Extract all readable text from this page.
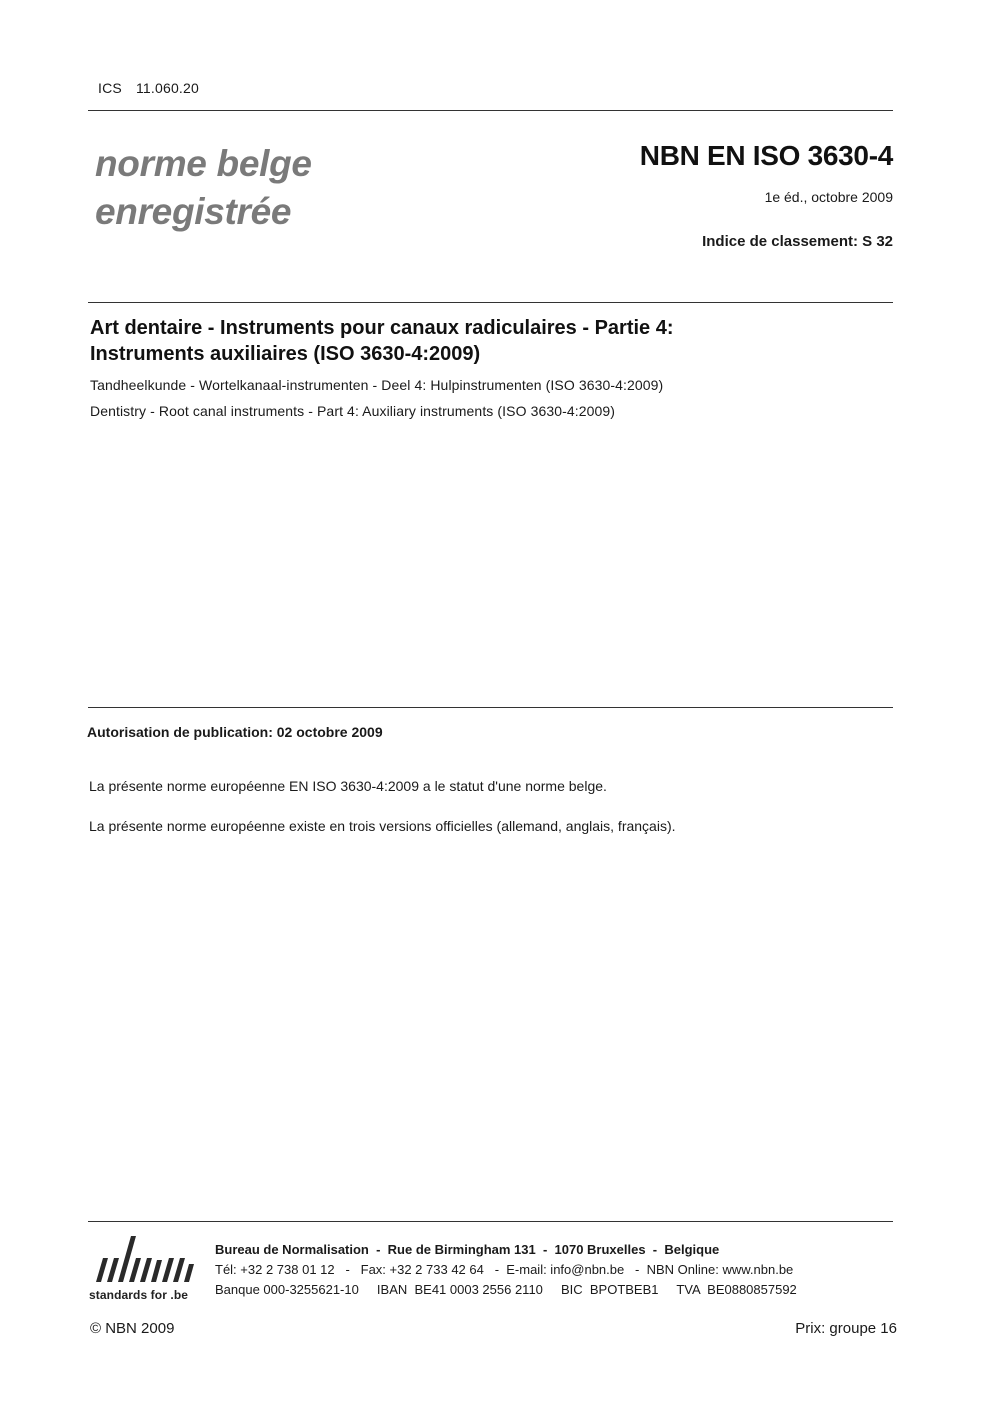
ICS 11.060.20
norme belge
enregistrée
NBN EN ISO 3630-4
1e éd., octobre 2009
Indice de classement: S 32
Art dentaire - Instruments pour canaux radiculaires - Partie 4:
Instruments auxiliaires (ISO 3630-4:2009)
Tandheelkunde - Wortelkanaal-instrumenten - Deel 4: Hulpinstrumenten (ISO 3630-4:2009)
Dentistry - Root canal instruments - Part 4: Auxiliary instruments (ISO 3630-4:2009)
Autorisation de publication: 02 octobre 2009
La présente norme européenne EN ISO 3630-4:2009 a le statut d'une norme belge.
La présente norme européenne existe en trois versions officielles (allemand, anglais, français).
standards for .be
Bureau de Normalisation  -  Rue de Birmingham 131  -  1070 Bruxelles  -  Belgique
Tél: +32 2 738 01 12   -   Fax: +32 2 733 42 64   -  E-mail: info@nbn.be   -  NBN Online: www.nbn.be
Banque 000-3255621-10     IBAN  BE41 0003 2556 2110     BIC  BPOTBEB1     TVA  BE0880857592
© NBN 2009	Prix: groupe 16
